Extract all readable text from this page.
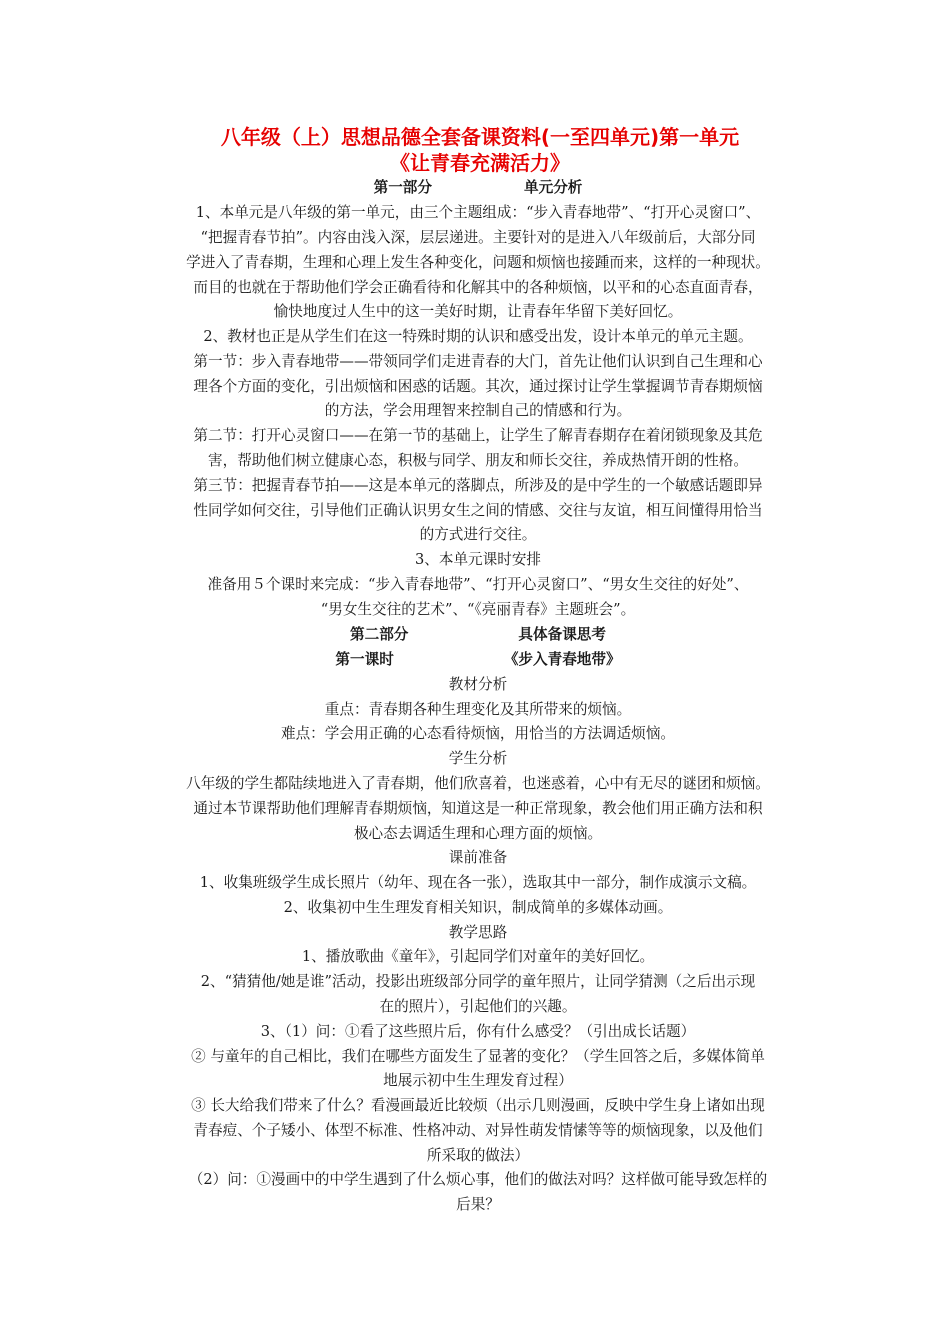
八年级（上）思想品德全套备课资料(一至四单元)第一单元
《让青春充满活力》
第一部分	单元分析
1、本单元是八年级的第一单元，由三个主题组成：“步入青春地带”、“打开心灵窗口”、
“把握青春节拍”。内容由浅入深，层层递进。主要针对的是进入八年级前后，大部分同
学进入了青春期，生理和心理上发生各种变化，问题和烦恼也接踵而来，这样的一种现状。
而目的也就在于帮助他们学会正确看待和化解其中的各种烦恼，以平和的心态直面青春，
愉快地度过人生中的这一美好时期，让青春年华留下美好回忆。
2、教材也正是从学生们在这一特殊时期的认识和感受出发，设计本单元的单元主题。
第一节：步入青春地带——带领同学们走进青春的大门，首先让他们认识到自己生理和心
理各个方面的变化，引出烦恼和困惑的话题。其次，通过探讨让学生掌握调节青春期烦恼
的方法，学会用理智来控制自己的情感和行为。
第二节：打开心灵窗口——在第一节的基础上，让学生了解青春期存在着闭锁现象及其危
害，帮助他们树立健康心态，积极与同学、朋友和师长交往，养成热情开朗的性格。
第三节：把握青春节拍——这是本单元的落脚点，所涉及的是中学生的一个敏感话题即异
性同学如何交往，引导他们正确认识男女生之间的情感、交往与友谊，相互间懂得用恰当
的方式进行交往。
3、本单元课时安排
准备用５个课时来完成：“步入青春地带”、“打开心灵窗口”、“男女生交往的好处”、
“男女生交往的艺术”、“《亮丽青春》主题班会”。
第二部分	具体备课思考
第一课时	《步入青春地带》
教材分析
重点：青春期各种生理变化及其所带来的烦恼。
难点：学会用正确的心态看待烦恼，用恰当的方法调适烦恼。
学生分析
八年级的学生都陆续地进入了青春期，他们欣喜着，也迷惑着，心中有无尽的谜团和烦恼。
通过本节课帮助他们理解青春期烦恼，知道这是一种正常现象，教会他们用正确方法和积
极心态去调适生理和心理方面的烦恼。
课前准备
1、收集班级学生成长照片（幼年、现在各一张），选取其中一部分，制作成演示文稿。
2、收集初中生生理发育相关知识，制成简单的多媒体动画。
教学思路
1、播放歌曲《童年》，引起同学们对童年的美好回忆。
2、“猜猜他/她是谁”活动，投影出班级部分同学的童年照片，让同学猜测（之后出示现
在的照片），引起他们的兴趣。
3、（1）问：①看了这些照片后，你有什么感受？（引出成长话题）
② 与童年的自己相比，我们在哪些方面发生了显著的变化？（学生回答之后，多媒体简单
地展示初中生生理发育过程）
③ 长大给我们带来了什么？看漫画最近比较烦（出示几则漫画，反映中学生身上诸如出现
青春痘、个子矮小、体型不标准、性格冲动、对异性萌发情愫等等的烦恼现象，以及他们
所采取的做法）
（2）问：①漫画中的中学生遇到了什么烦心事，他们的做法对吗？这样做可能导致怎样的
后果？
